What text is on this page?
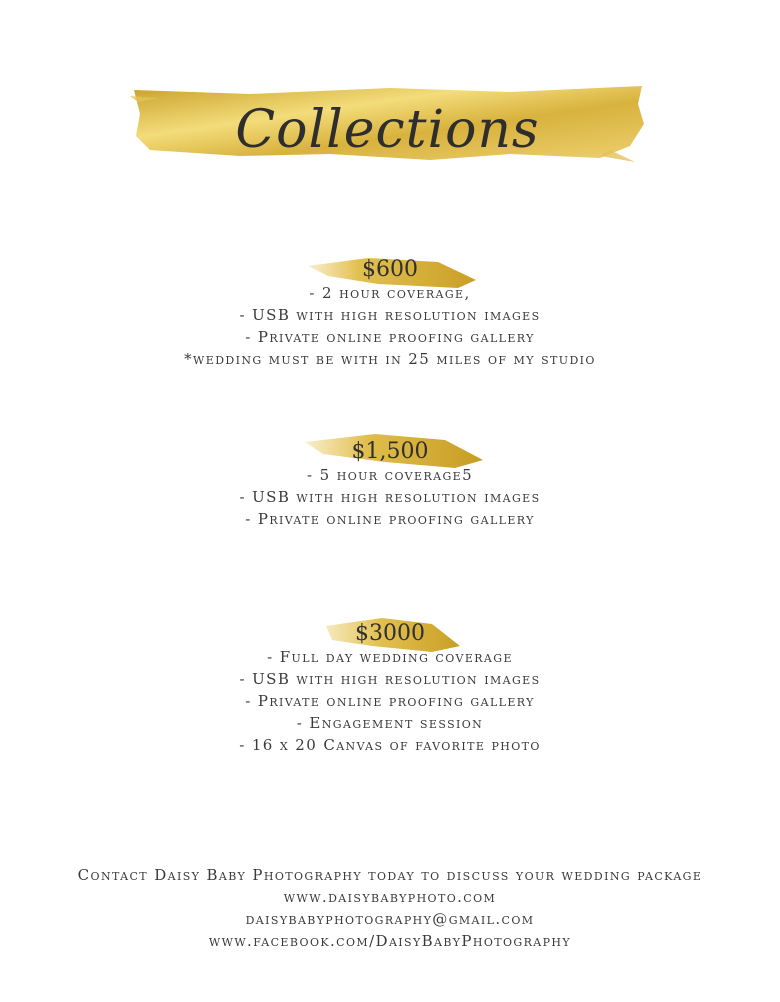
Collections
$600

- 2 hour coverage,

- USB with high resolution images

- Private online proofing gallery

*wedding must be with in 25 miles of my studio

$1,500

- 5 hour coverage5

- USB with high resolution images

- Private online proofing gallery

$3000

- Full day wedding coverage

- USB with high resolution images

- Private online proofing gallery

- Engagement session

- 16 x 20 Canvas of favorite photo

Contact Daisy Baby Photography today to discuss your wedding package

www.daisybabyphoto.com

daisybabyphotography@gmail.com

www.facebook.com/DaisyBabyPhotography
